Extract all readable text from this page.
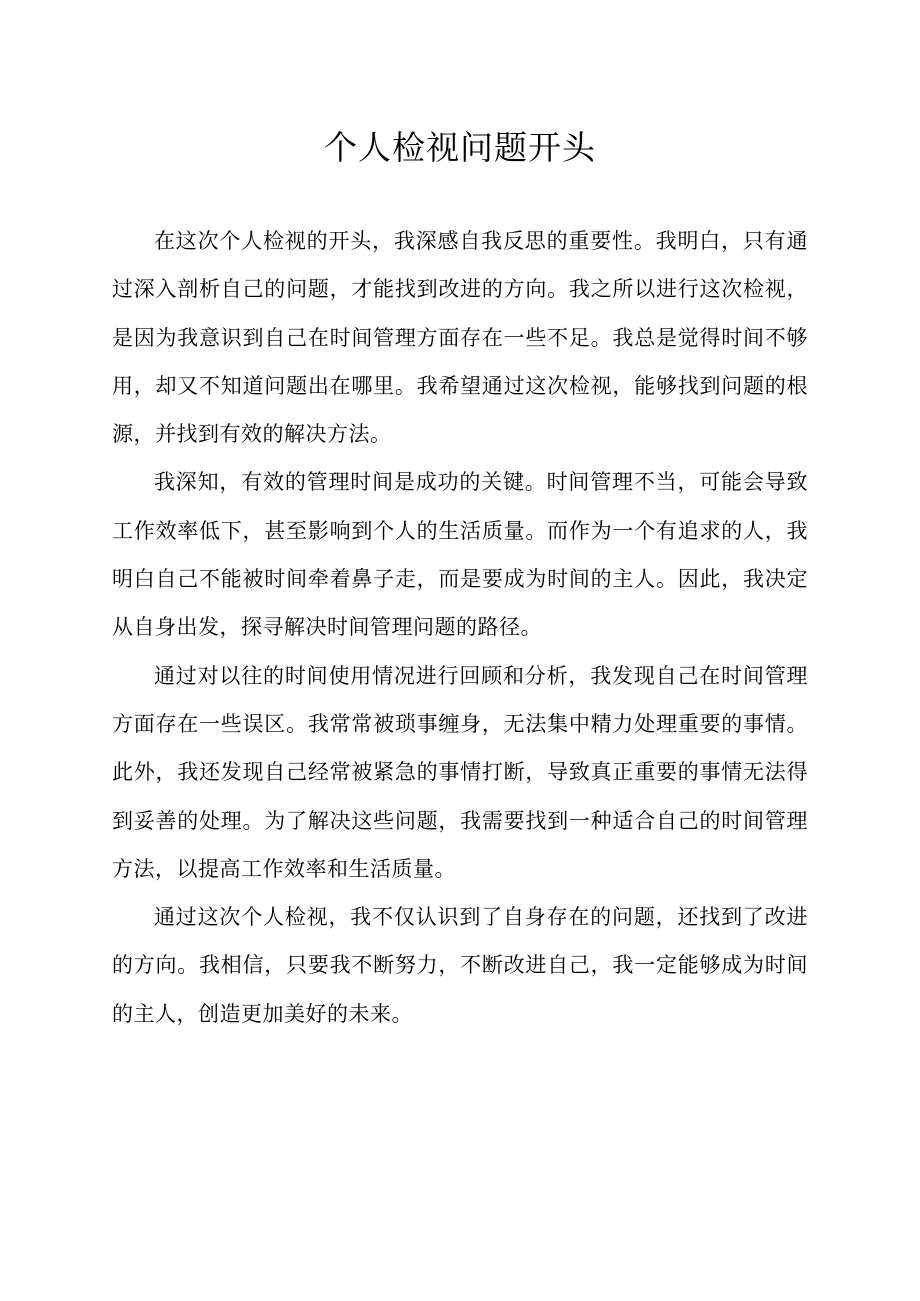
个人检视问题开头

在这次个人检视的开头，我深感自我反思的重要性。我明白，只有通过深入剖析自己的问题，才能找到改进的方向。我之所以进行这次检视，是因为我意识到自己在时间管理方面存在一些不足。我总是觉得时间不够用，却又不知道问题出在哪里。我希望通过这次检视，能够找到问题的根源，并找到有效的解决方法。

我深知，有效的管理时间是成功的关键。时间管理不当，可能会导致工作效率低下，甚至影响到个人的生活质量。而作为一个有追求的人，我明白自己不能被时间牵着鼻子走，而是要成为时间的主人。因此，我决定从自身出发，探寻解决时间管理问题的路径。

通过对以往的时间使用情况进行回顾和分析，我发现自己在时间管理方面存在一些误区。我常常被琐事缠身，无法集中精力处理重要的事情。此外，我还发现自己经常被紧急的事情打断，导致真正重要的事情无法得到妥善的处理。为了解决这些问题，我需要找到一种适合自己的时间管理方法，以提高工作效率和生活质量。

通过这次个人检视，我不仅认识到了自身存在的问题，还找到了改进的方向。我相信，只要我不断努力，不断改进自己，我一定能够成为时间的主人，创造更加美好的未来。
